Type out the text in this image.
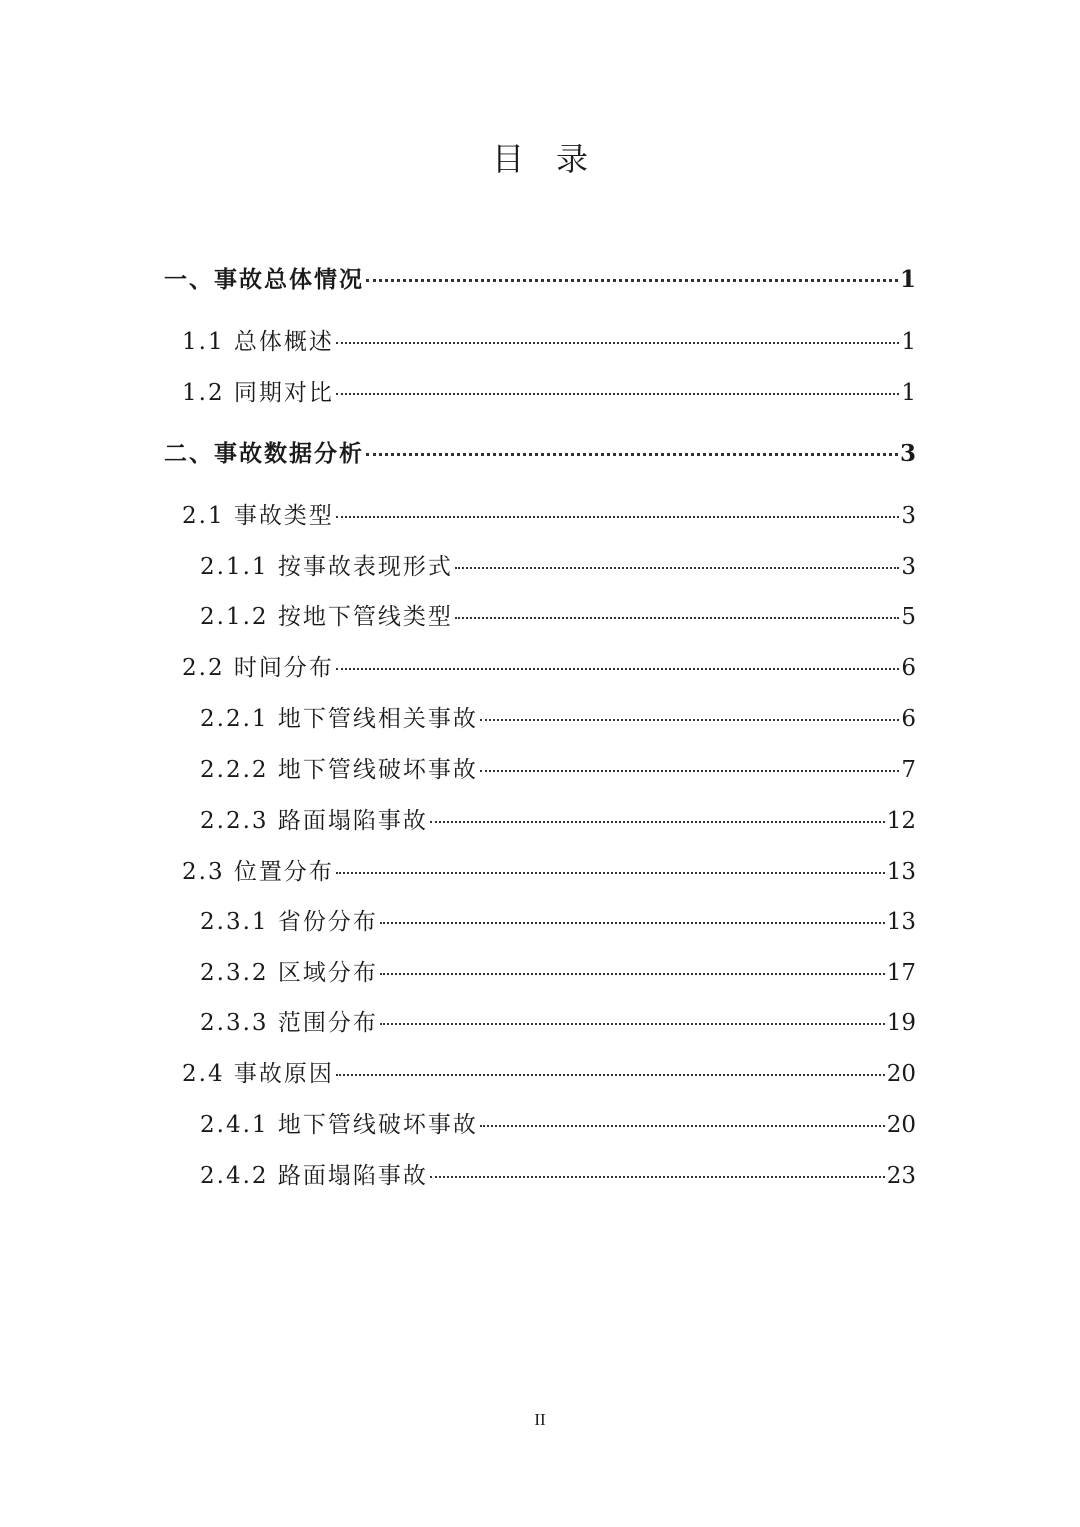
目　录
一、事故总体情况	1
1.1 总体概述	1
1.2 同期对比	1
二、事故数据分析	3
2.1 事故类型	3
2.1.1 按事故表现形式	3
2.1.2 按地下管线类型	5
2.2 时间分布	6
2.2.1 地下管线相关事故	6
2.2.2 地下管线破坏事故	7
2.2.3 路面塌陷事故	12
2.3 位置分布	13
2.3.1 省份分布	13
2.3.2 区域分布	17
2.3.3 范围分布	19
2.4 事故原因	20
2.4.1 地下管线破坏事故	20
2.4.2 路面塌陷事故	23
II
